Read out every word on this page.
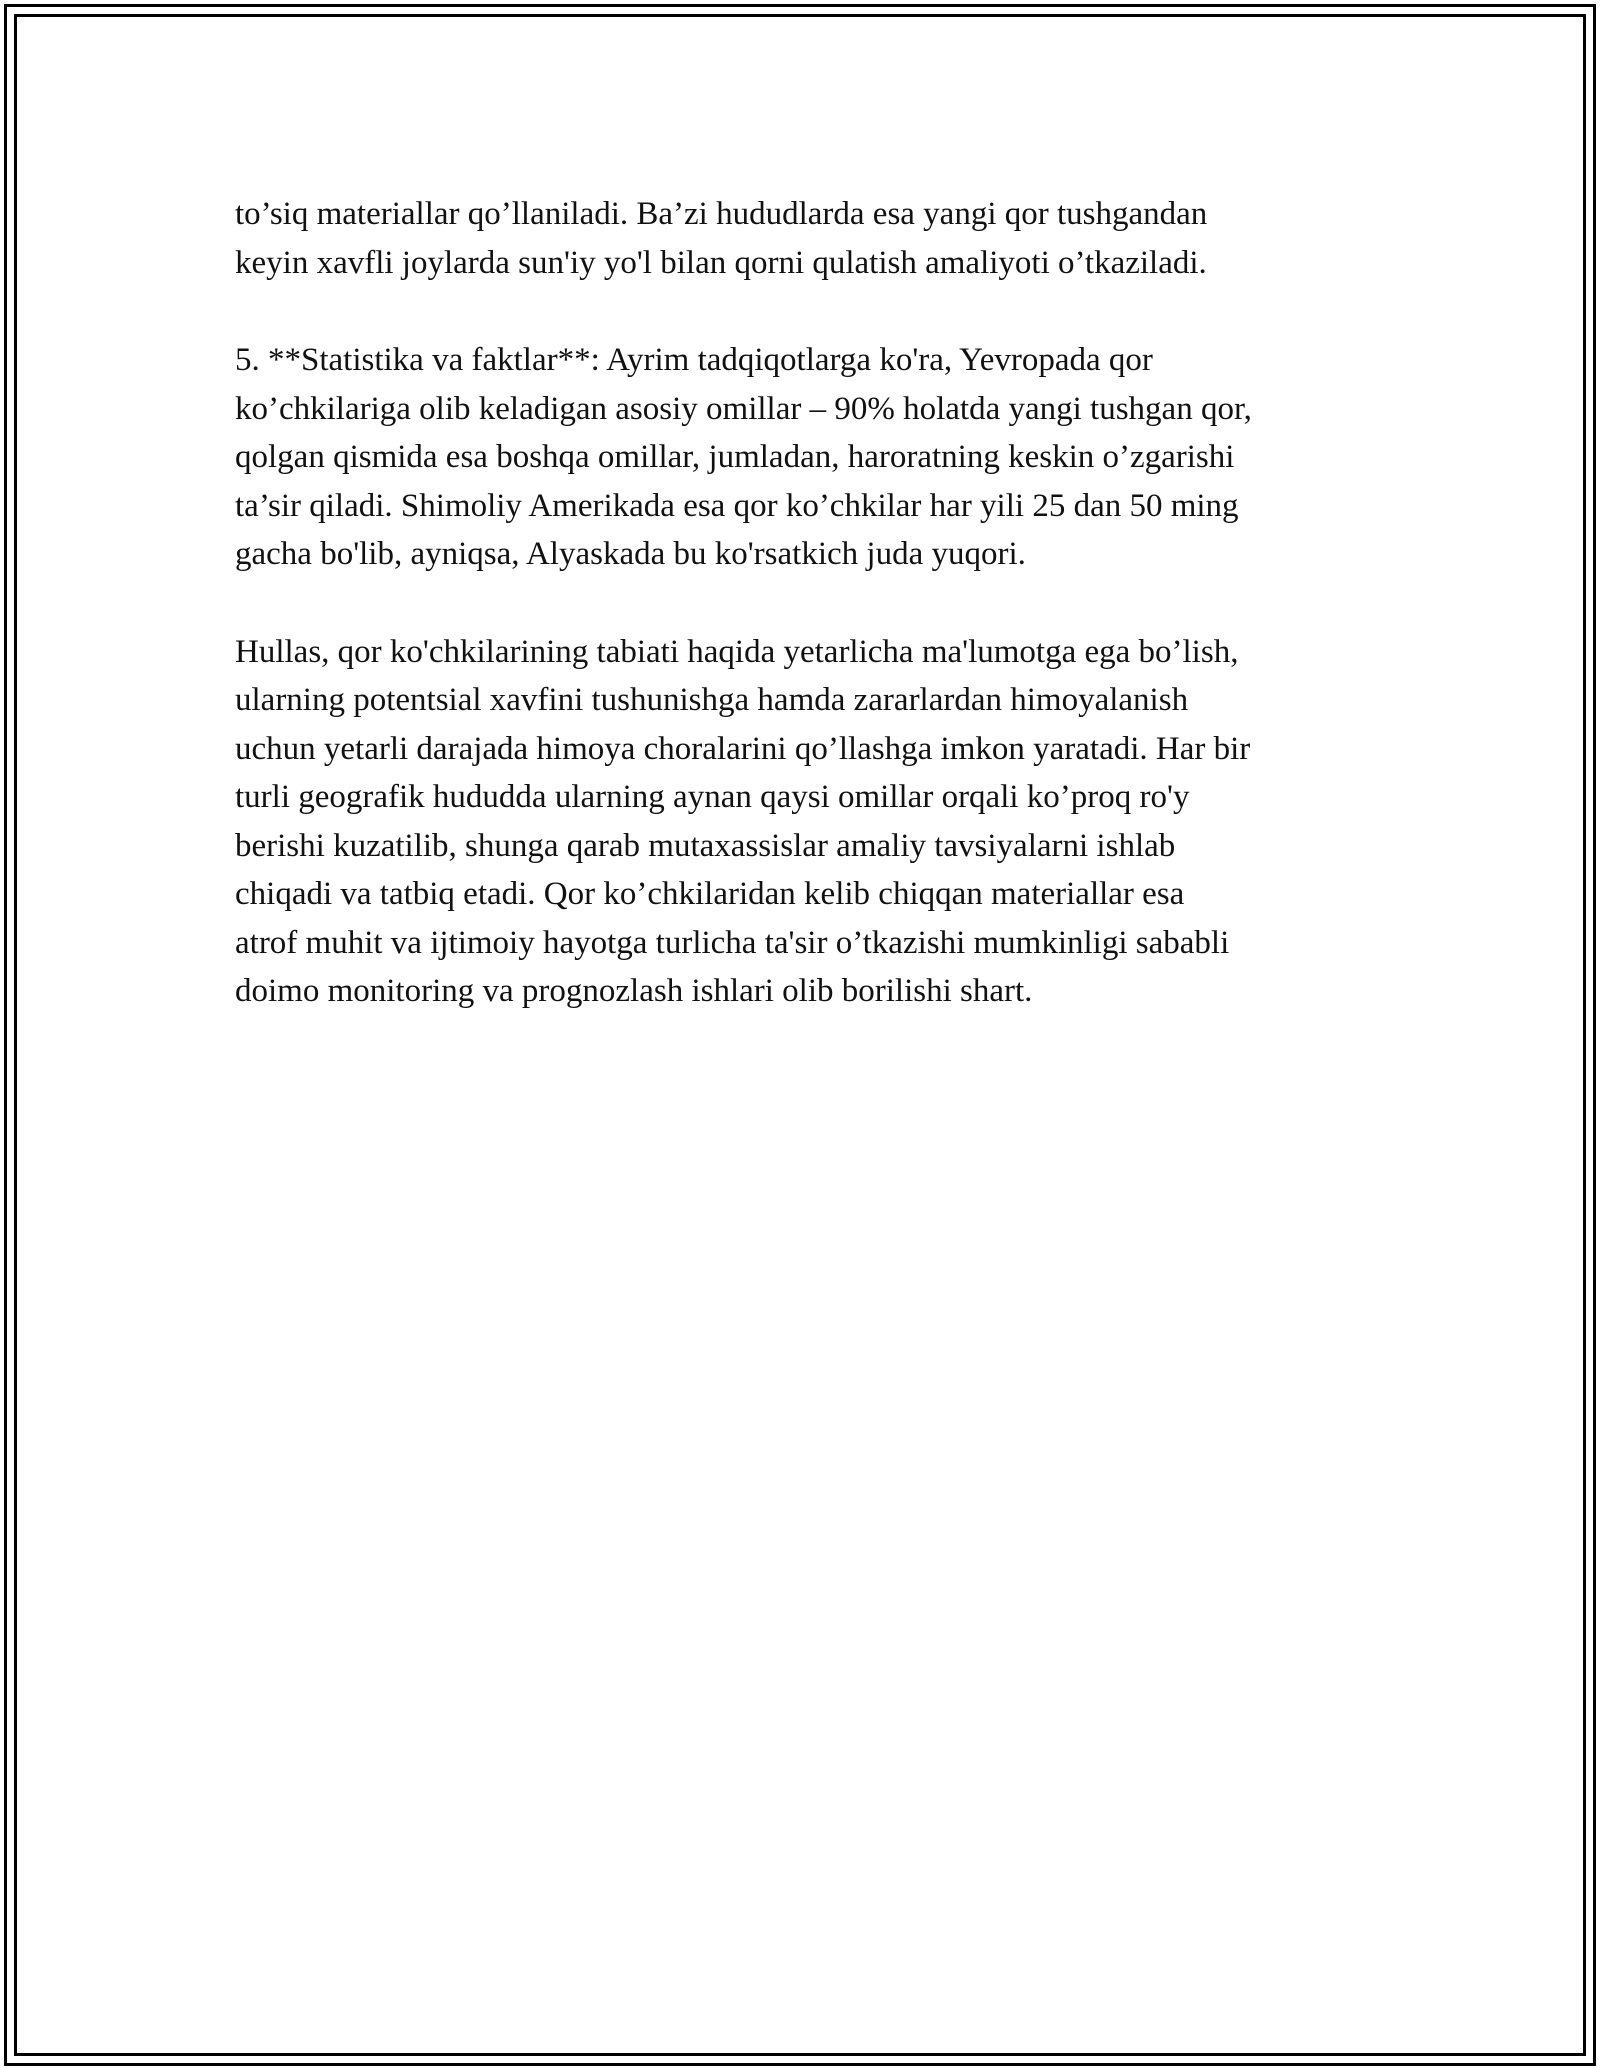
to’siq materiallar qo’llaniladi. Ba’zi hududlarda esa yangi qor tushgandan
keyin xavfli joylarda sun'iy yo'l bilan qorni qulatish amaliyoti o’tkaziladi.

5. **Statistika va faktlar**: Ayrim tadqiqotlarga ko'ra, Yevropada qor
ko’chkilariga olib keladigan asosiy omillar – 90% holatda yangi tushgan qor,
qolgan qismida esa boshqa omillar, jumladan, haroratning keskin o’zgarishi
ta’sir qiladi. Shimoliy Amerikada esa qor ko’chkilar har yili 25 dan 50 ming
gacha bo'lib, ayniqsa, Alyaskada bu ko'rsatkich juda yuqori.

Hullas, qor ko'chkilarining tabiati haqida yetarlicha ma'lumotga ega bo’lish,
ularning potentsial xavfini tushunishga hamda zararlardan himoyalanish
uchun yetarli darajada himoya choralarini qo’llashga imkon yaratadi. Har bir
turli geografik hududda ularning aynan qaysi omillar orqali ko’proq ro'y
berishi kuzatilib, shunga qarab mutaxassislar amaliy tavsiyalarni ishlab
chiqadi va tatbiq etadi. Qor ko’chkilaridan kelib chiqqan materiallar esa
atrof muhit va ijtimoiy hayotga turlicha ta'sir o’tkazishi mumkinligi sababli
doimo monitoring va prognozlash ishlari olib borilishi shart.
